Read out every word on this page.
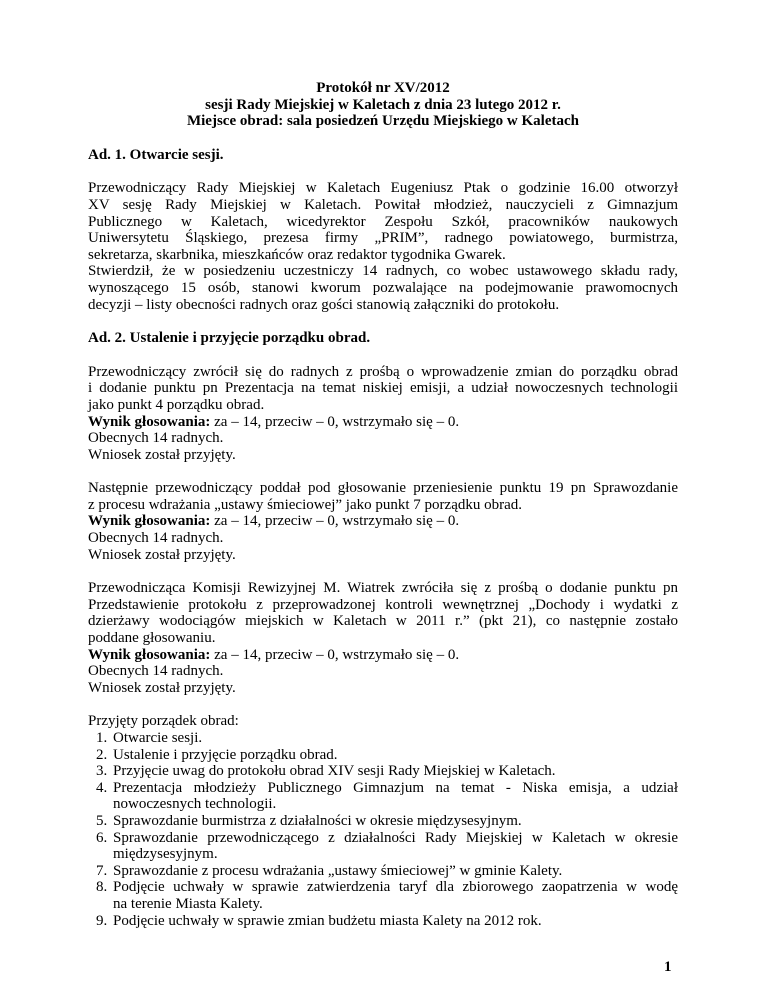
Protokół nr XV/2012
sesji Rady Miejskiej w Kaletach z dnia 23 lutego 2012 r.
Miejsce obrad: sala posiedzeń Urzędu Miejskiego w Kaletach
Ad. 1. Otwarcie sesji.
Przewodniczący Rady Miejskiej w Kaletach Eugeniusz Ptak o godzinie 16.00 otworzył
XV sesję Rady Miejskiej w Kaletach. Powitał młodzież, nauczycieli z Gimnazjum
Publicznego w Kaletach, wicedyrektor Zespołu Szkół, pracowników naukowych
Uniwersytetu Śląskiego, prezesa firmy „PRIM”, radnego powiatowego, burmistrza,
sekretarza, skarbnika, mieszkańców oraz redaktor tygodnika Gwarek.
Stwierdził, że w posiedzeniu uczestniczy 14 radnych, co wobec ustawowego składu rady,
wynoszącego 15 osób, stanowi kworum pozwalające na podejmowanie prawomocnych
decyzji – listy obecności radnych oraz gości stanowią załączniki do protokołu.
Ad. 2. Ustalenie i przyjęcie porządku obrad.
Przewodniczący zwrócił się do radnych z prośbą o wprowadzenie zmian do porządku obrad
i dodanie punktu pn Prezentacja na temat niskiej emisji, a udział nowoczesnych technologii
jako punkt 4 porządku obrad.
Wynik głosowania: za – 14, przeciw – 0, wstrzymało się – 0.
Obecnych 14 radnych.
Wniosek został przyjęty.
Następnie przewodniczący poddał pod głosowanie przeniesienie punktu 19 pn Sprawozdanie
z procesu wdrażania „ustawy śmieciowej” jako punkt 7 porządku obrad.
Wynik głosowania: za – 14, przeciw – 0, wstrzymało się – 0.
Obecnych 14 radnych.
Wniosek został przyjęty.
Przewodnicząca Komisji Rewizyjnej M. Wiatrek zwróciła się z prośbą o dodanie punktu pn
Przedstawienie protokołu z przeprowadzonej kontroli wewnętrznej „Dochody i wydatki z
dzierżawy wodociągów miejskich w Kaletach w 2011 r.” (pkt 21), co następnie zostało
poddane głosowaniu.
Wynik głosowania: za – 14, przeciw – 0, wstrzymało się – 0.
Obecnych 14 radnych.
Wniosek został przyjęty.
Przyjęty porządek obrad:
1. Otwarcie sesji.
2. Ustalenie i przyjęcie porządku obrad.
3. Przyjęcie uwag do protokołu obrad XIV sesji Rady Miejskiej w Kaletach.
4. Prezentacja młodzieży Publicznego Gimnazjum na temat - Niska emisja, a udział
nowoczesnych technologii.
5. Sprawozdanie burmistrza z działalności w okresie międzysesyjnym.
6. Sprawozdanie przewodniczącego z działalności Rady Miejskiej w Kaletach w okresie
międzysesyjnym.
7. Sprawozdanie z procesu wdrażania „ustawy śmieciowej” w gminie Kalety.
8. Podjęcie uchwały w sprawie zatwierdzenia taryf dla zbiorowego zaopatrzenia w wodę
na terenie Miasta Kalety.
9. Podjęcie uchwały w sprawie zmian budżetu miasta Kalety na 2012 rok.
1
